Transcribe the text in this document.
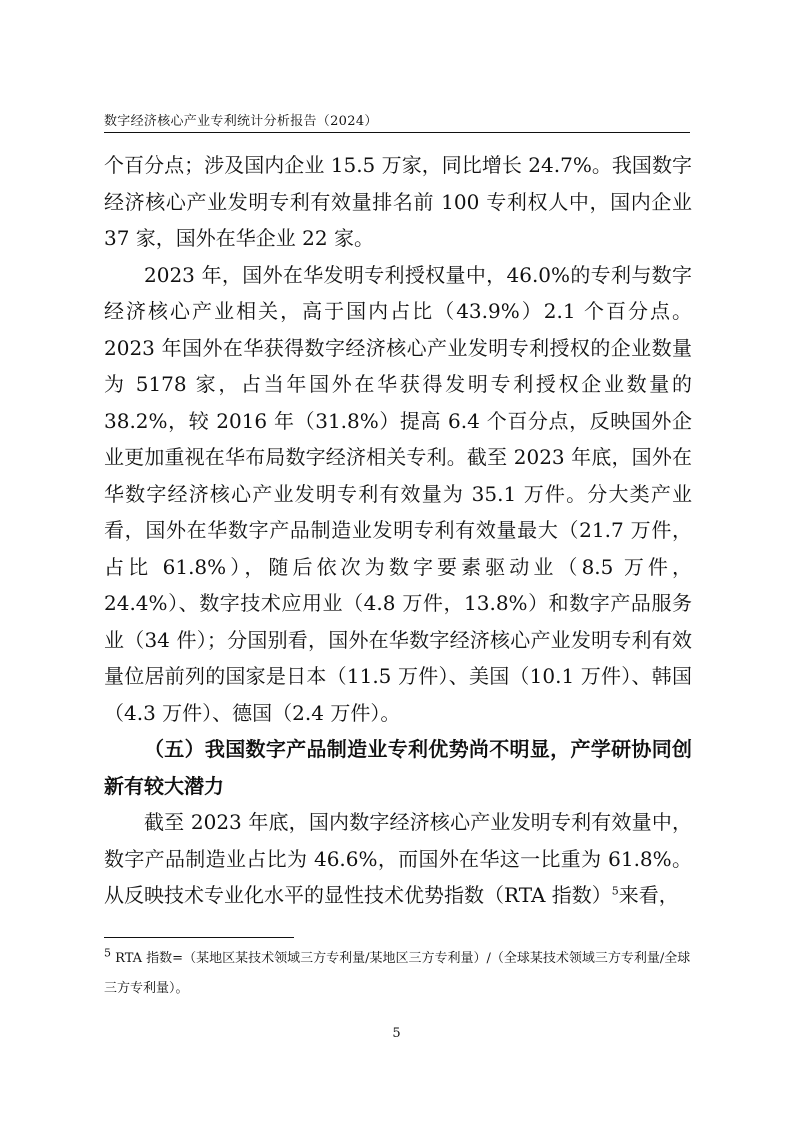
数字经济核心产业专利统计分析报告（2024）

个百分点；涉及国内企业 15.5 万家，同比增长 24.7%。我国数字经济核心产业发明专利有效量排名前 100 专利权人中，国内企业 37 家，国外在华企业 22 家。

2023 年，国外在华发明专利授权量中，46.0%的专利与数字经济核心产业相关，高于国内占比（43.9%）2.1 个百分点。2023 年国外在华获得数字经济核心产业发明专利授权的企业数量为 5178 家，占当年国外在华获得发明专利授权企业数量的 38.2%，较 2016 年（31.8%）提高 6.4 个百分点，反映国外企业更加重视在华布局数字经济相关专利。截至 2023 年底，国外在华数字经济核心产业发明专利有效量为 35.1 万件。分大类产业看，国外在华数字产品制造业发明专利有效量最大（21.7 万件，占比 61.8%），随后依次为数字要素驱动业（8.5 万件，24.4%）、数字技术应用业（4.8 万件，13.8%）和数字产品服务业（34 件）；分国别看，国外在华数字经济核心产业发明专利有效量位居前列的国家是日本（11.5 万件）、美国（10.1 万件）、韩国（4.3 万件）、德国（2.4 万件）。

（五）我国数字产品制造业专利优势尚不明显，产学研协同创新有较大潜力

截至 2023 年底，国内数字经济核心产业发明专利有效量中，数字产品制造业占比为 46.6%，而国外在华这一比重为 61.8%。从反映技术专业化水平的显性技术优势指数（RTA 指数）$^5$来看，

$^5$ RTA 指数=（某地区某技术领域三方专利量/某地区三方专利量）/（全球某技术领域三方专利量/全球三方专利量）。
5
